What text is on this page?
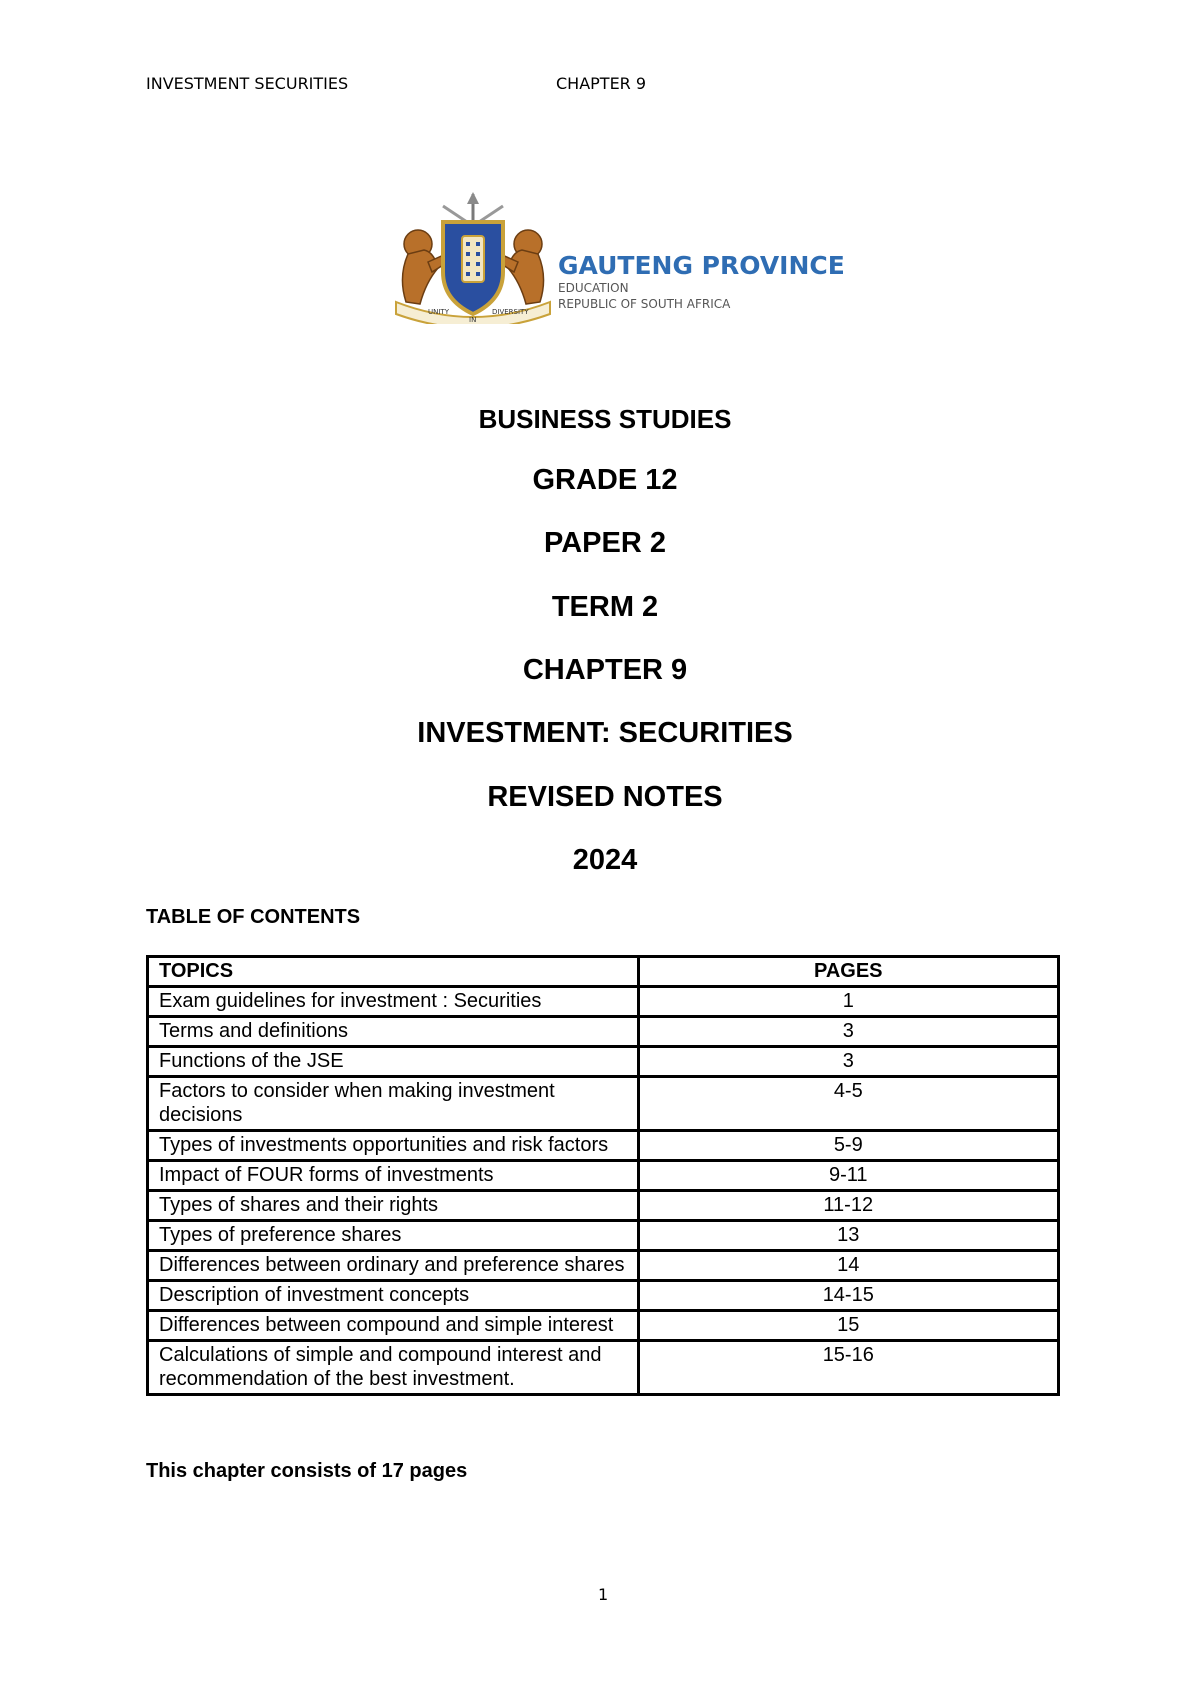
INVESTMENT SECURITIES	CHAPTER 9
UNITY
IN
DIVERSITY
GAUTENG PROVINCE
EDUCATION
REPUBLIC OF SOUTH AFRICA
BUSINESS STUDIES
GRADE 12
PAPER 2
TERM 2
CHAPTER 9
INVESTMENT: SECURITIES
REVISED NOTES
2024
TABLE OF CONTENTS
TOPICS	PAGES
Exam guidelines for investment : Securities	1
Terms and definitions	3
Functions of the JSE	3
Factors to consider when making investment decisions	4-5
Types of investments opportunities and risk factors	5-9
Impact of FOUR forms of investments	9-11
Types of shares and their rights	11-12
Types of preference shares	13
Differences between ordinary and preference shares	14
Description of investment concepts	14-15
Differences between compound and simple interest	15
Calculations of simple and compound interest and recommendation of the best investment.	15-16
This chapter consists of 17 pages
1
